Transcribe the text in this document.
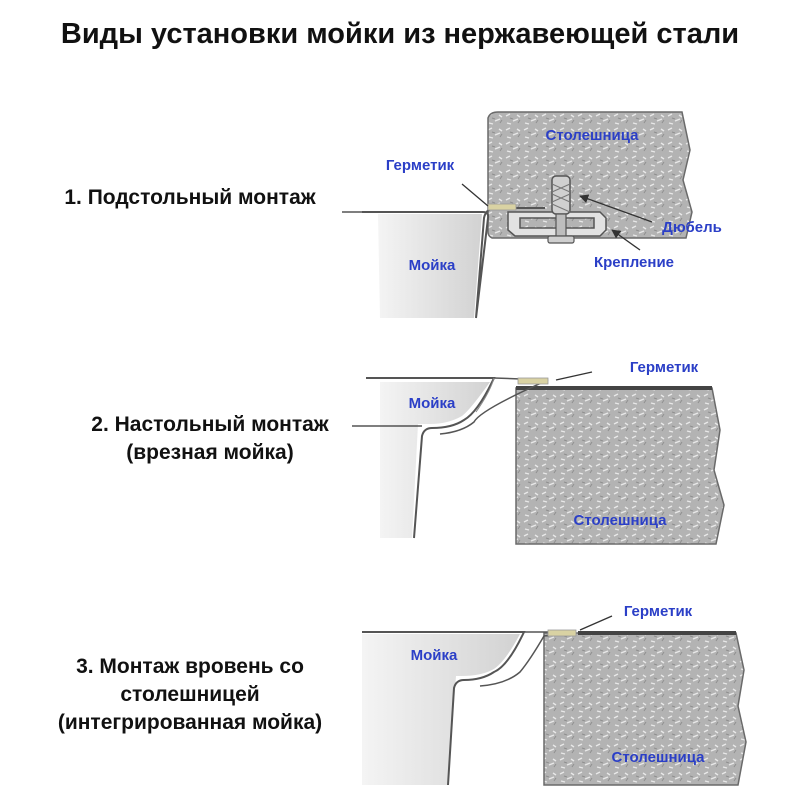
Виды установки мойки из нержавеющей стали
Столешница
Герметик
Дюбель
Крепление
Мойка
Герметик
Мойка
Столешница
Герметик
Мойка
Столешница
1. Подстольный монтаж
2. Настольный монтаж
(врезная мойка)
3. Монтаж вровень со
столешницей
(интегрированная мойка)
